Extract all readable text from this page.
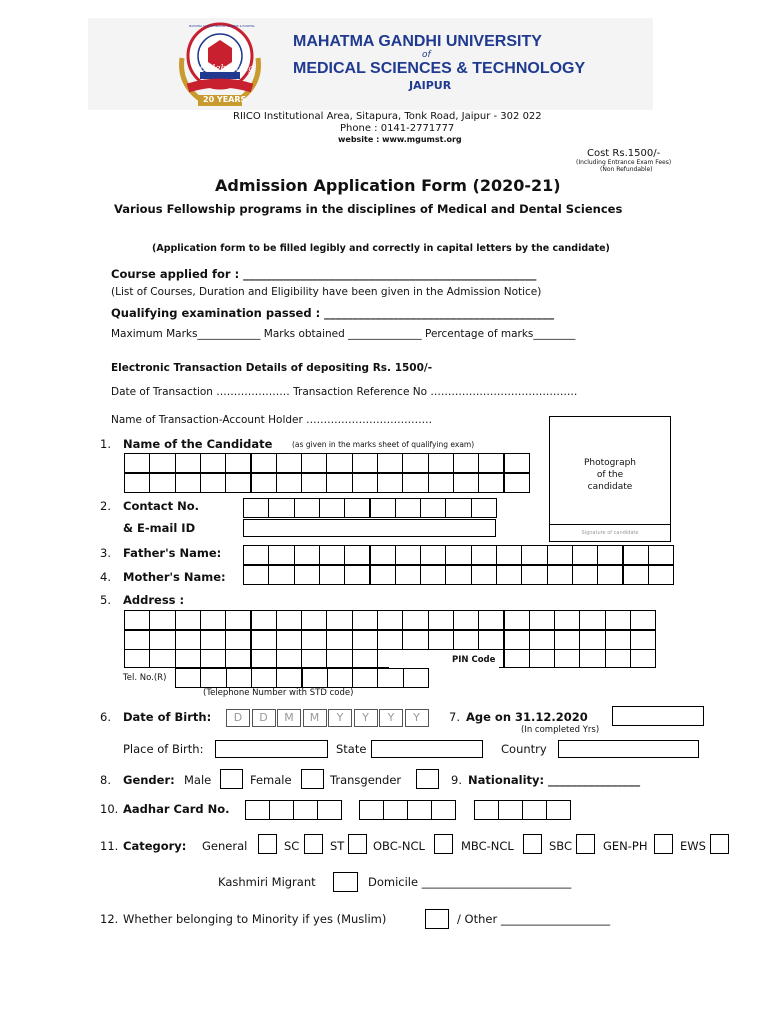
Celebrating
20 YEARS
MAHATMA GANDHI MEDICAL COLLEGE & HOSPITAL
MAHATMA GANDHI UNIVERSITY
of
MEDICAL SCIENCES & TECHNOLOGY
JAIPUR
RIICO Institutional Area, Sitapura, Tonk Road, Jaipur - 302 022
Phone : 0141-2771777
website : www.mgumst.org
Cost Rs.1500/-
(Including Entrance Exam Fees)
(Non Refundable)
Admission Application Form (2020-21)
Various Fellowship programs in the disciplines of Medical and Dental Sciences
(Application form to be filled legibly and correctly in capital letters by the candidate)
Course applied for : ___________________________________________________
(List of Courses, Duration and Eligibility have been given in the Admission Notice)
Qualifying examination passed : ________________________________________
Maximum Marks____________ Marks obtained ______________ Percentage of marks________
Electronic Transaction Details of depositing Rs. 1500/-
Date of Transaction ………………… Transaction Reference No ……………………………………
Name of Transaction-Account Holder ………………………………
Photograph
of the
candidate
Signature of candidate
1. Name of the Candidate	(as given in the marks sheet of qualifying exam)
2. Contact No.
& E-mail ID
3. Father's Name:
4. Mother's Name:
5. Address :
PIN Code
Tel. No.(R)
(Telephone Number with STD code)
6. Date of Birth:	D	D	M	M	Y	Y	Y	Y	7. Age on 31.12.2020
(In completed Yrs)
Place of Birth:	State	Country
8. Gender: Male	Female	Transgender	9. Nationality: ________________
10. Aadhar Card No.
11. Category: General	SC	ST OBC-NCL	MBC-NCL	SBC	GEN-PH	EWS
Kashmiri Migrant	Domicile __________________________
12. Whether belonging to Minority if yes (Muslim)	/ Other ___________________
